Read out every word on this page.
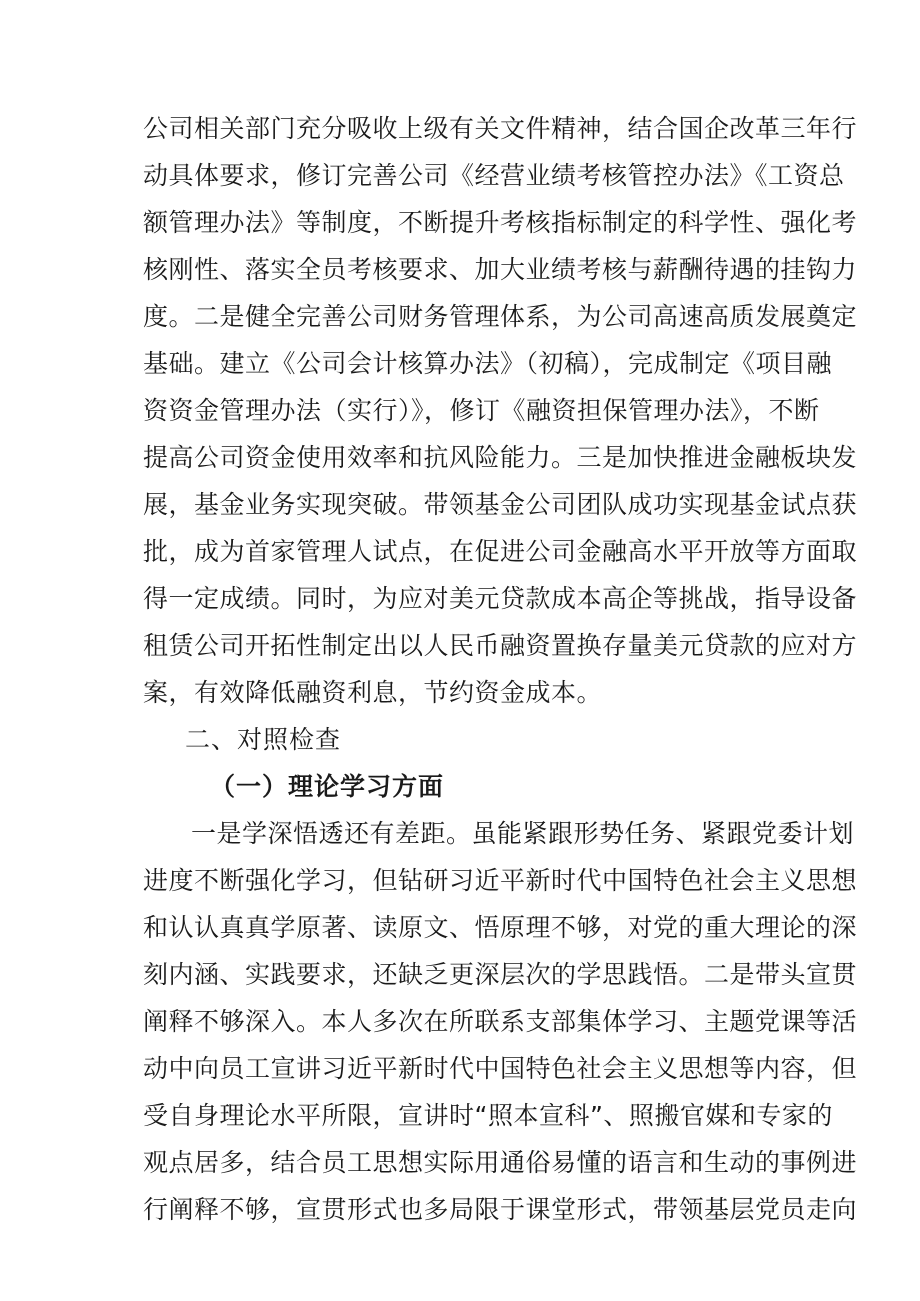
公司相关部门充分吸收上级有关文件精神，结合国企改革三年行
动具体要求，修订完善公司《经营业绩考核管控办法》《工资总
额管理办法》等制度，不断提升考核指标制定的科学性、强化考
核刚性、落实全员考核要求、加大业绩考核与薪酬待遇的挂钩力
度。二是健全完善公司财务管理体系，为公司高速高质发展奠定
基础。建立《公司会计核算办法》（初稿），完成制定《项目融
资资金管理办法（实行）》，修订《融资担保管理办法》，不断
提高公司资金使用效率和抗风险能力。三是加快推进金融板块发
展，基金业务实现突破。带领基金公司团队成功实现基金试点获
批，成为首家管理人试点，在促进公司金融高水平开放等方面取
得一定成绩。同时，为应对美元贷款成本高企等挑战，指导设备
租赁公司开拓性制定出以人民币融资置换存量美元贷款的应对方
案，有效降低融资利息，节约资金成本。
二、对照检查
（一）理论学习方面
一是学深悟透还有差距。虽能紧跟形势任务、紧跟党委计划
进度不断强化学习，但钻研习近平新时代中国特色社会主义思想
和认认真真学原著、读原文、悟原理不够，对党的重大理论的深
刻内涵、实践要求，还缺乏更深层次的学思践悟。二是带头宣贯
阐释不够深入。本人多次在所联系支部集体学习、主题党课等活
动中向员工宣讲习近平新时代中国特色社会主义思想等内容，但
受自身理论水平所限，宣讲时“照本宣科”、照搬官媒和专家的
观点居多，结合员工思想实际用通俗易懂的语言和生动的事例进
行阐释不够，宣贯形式也多局限于课堂形式，带领基层党员走向
